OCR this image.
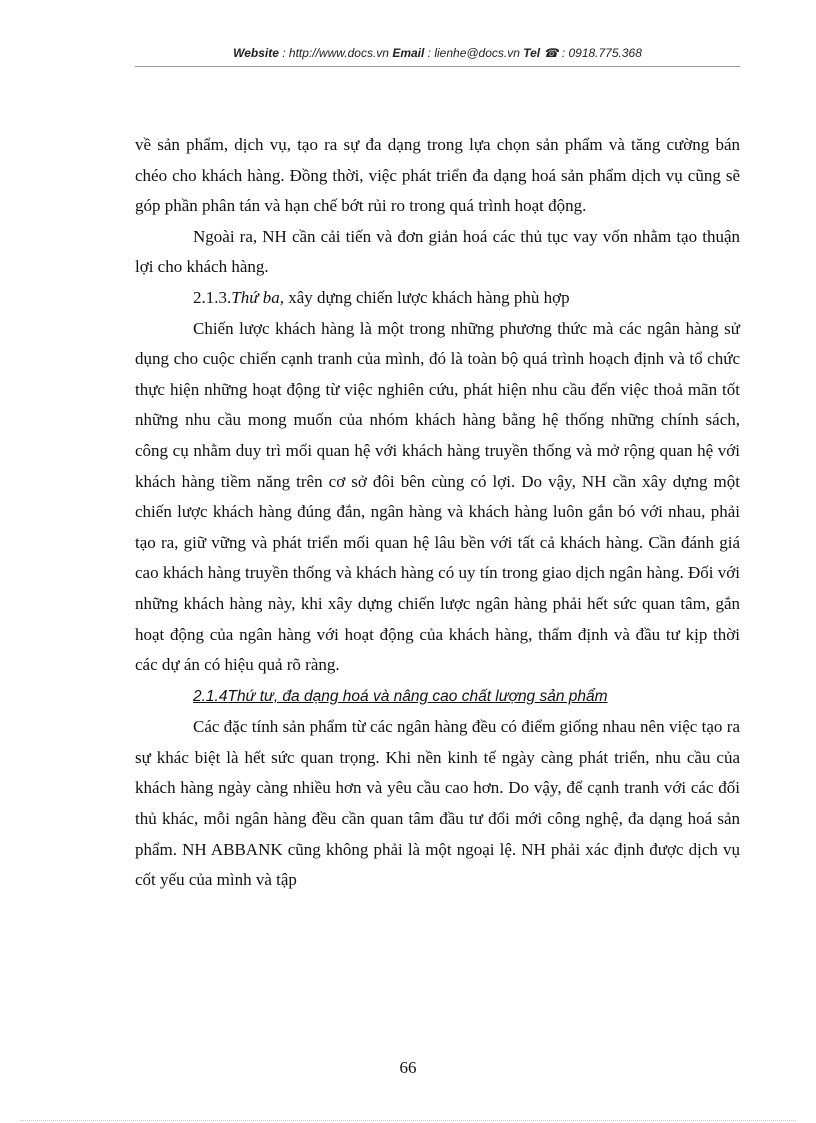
Website : http://www.docs.vn Email : lienhe@docs.vn Tel ☎ : 0918.775.368

về sản phẩm, dịch vụ, tạo ra sự đa dạng trong lựa chọn sản phẩm và tăng cường bán chéo cho khách hàng. Đồng thời, việc phát triển đa dạng hoá sản phẩm dịch vụ cũng sẽ góp phần phân tán và hạn chế bớt rủi ro trong quá trình hoạt động.

Ngoài ra, NH cần cải tiến và đơn giản hoá các thủ tục vay vốn nhằm tạo thuận lợi cho khách hàng.

2.1.3.Thứ ba, xây dựng chiến lược khách hàng phù hợp

Chiến lược khách hàng là một trong những phương thức mà các ngân hàng sử dụng cho cuộc chiến cạnh tranh của mình, đó là toàn bộ quá trình hoạch định và tổ chức thực hiện những hoạt động từ việc nghiên cứu, phát hiện nhu cầu đến việc thoả mãn tốt những nhu cầu mong muốn của nhóm khách hàng bằng hệ thống những chính sách, công cụ nhằm duy trì mối quan hệ với khách hàng truyền thống và mở rộng quan hệ với khách hàng tiềm năng trên cơ sở đôi bên cùng có lợi. Do vậy, NH cần xây dựng một chiến lược khách hàng đúng đắn, ngân hàng và khách hàng luôn gắn bó với nhau, phải tạo ra, giữ vững và phát triển mối quan hệ lâu bền với tất cả khách hàng. Cần đánh giá cao khách hàng truyền thống và khách hàng có uy tín trong giao dịch ngân hàng. Đối với những khách hàng này, khi xây dựng chiến lược ngân hàng phải hết sức quan tâm, gắn hoạt động của ngân hàng với hoạt động của khách hàng, thẩm định và đầu tư kịp thời các dự án có hiệu quả rõ ràng.

2.1.4Thứ tư, đa dạng hoá và nâng cao chất lượng sản phẩm

Các đặc tính sản phẩm từ các ngân hàng đều có điểm giống nhau nên việc tạo ra sự khác biệt là hết sức quan trọng. Khi nền kinh tế ngày càng phát triển, nhu cầu của khách hàng ngày càng nhiều hơn và yêu cầu cao hơn. Do vậy, để cạnh tranh với các đối thủ khác, mỗi ngân hàng đều cần quan tâm đầu tư đổi mới công nghệ, đa dạng hoá sản phẩm. NH ABBANK cũng không phải là một ngoại lệ. NH phải xác định được dịch vụ cốt yếu của mình và tập

66
